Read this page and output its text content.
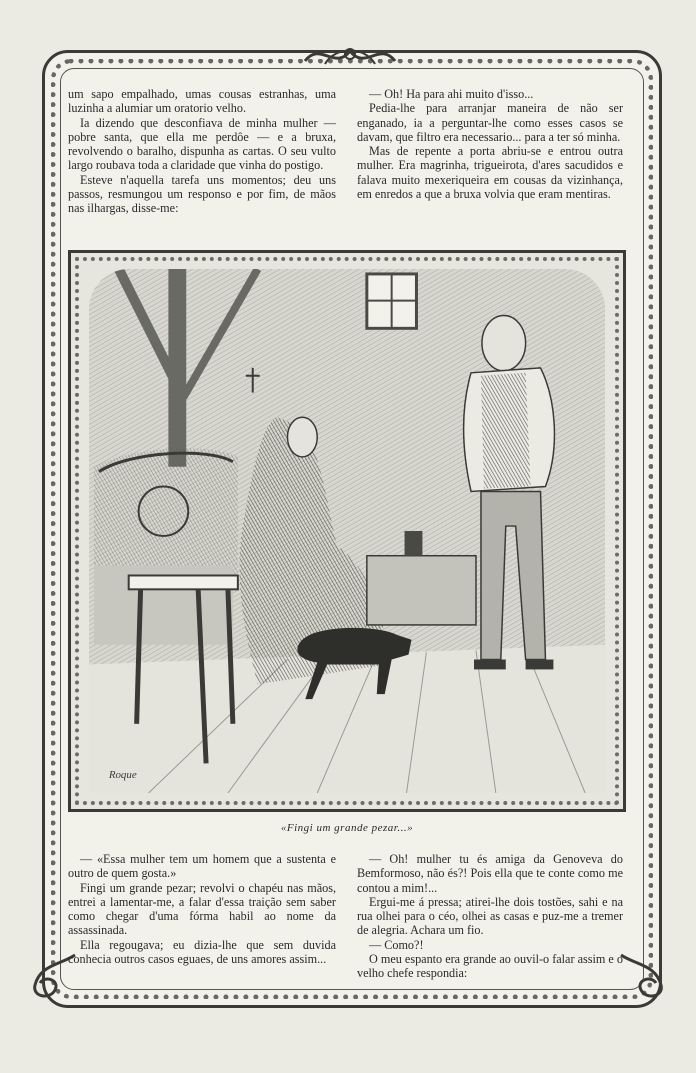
um sapo empalhado, umas cousas estranhas, uma luzinha a alumiar um oratorio velho.

Ia dizendo que desconfiava de minha mulher — pobre santa, que ella me perdôe — e a bruxa, revolvendo o baralho, dispunha as cartas. O seu vulto largo roubava toda a claridade que vinha do postigo.

Esteve n'aquella tarefa uns momentos; deu uns passos, resmungou um responso e por fim, de mãos nas ilhargas, disse-me:

— Oh! Ha para ahi muito d'isso...

Pedia-lhe para arranjar maneira de não ser enganado, ia a perguntar-lhe como esses casos se davam, que filtro era necessario... para a ter só minha.

Mas de repente a porta abriu-se e entrou outra mulher. Era magrinha, trigueirota, d'ares sacudidos e falava muito mexeriqueira em cousas da vizinhança, em enredos a que a bruxa volvia que eram mentiras.

Roque
«Fingi um grande pezar...»

— «Essa mulher tem um homem que a sustenta e outro de quem gosta.»

Fingi um grande pezar; revolvi o chapéu nas mãos, entrei a lamentar-me, a falar d'essa traição sem saber como chegar d'uma fórma habil ao nome da assassinada.

Ella regougava; eu dizia-lhe que sem duvida conhecia outros casos eguaes, de uns amores assim...

— Oh! mulher tu és amiga da Genoveva do Bemformoso, não és?! Pois ella que te conte como me contou a mim!...

Ergui-me á pressa; atirei-lhe dois tostões, sahi e na rua olhei para o céo, olhei as casas e puz-me a tremer de alegria. Achara um fio.

— Como?!

O meu espanto era grande ao ouvil-o falar assim e o velho chefe respondia:
